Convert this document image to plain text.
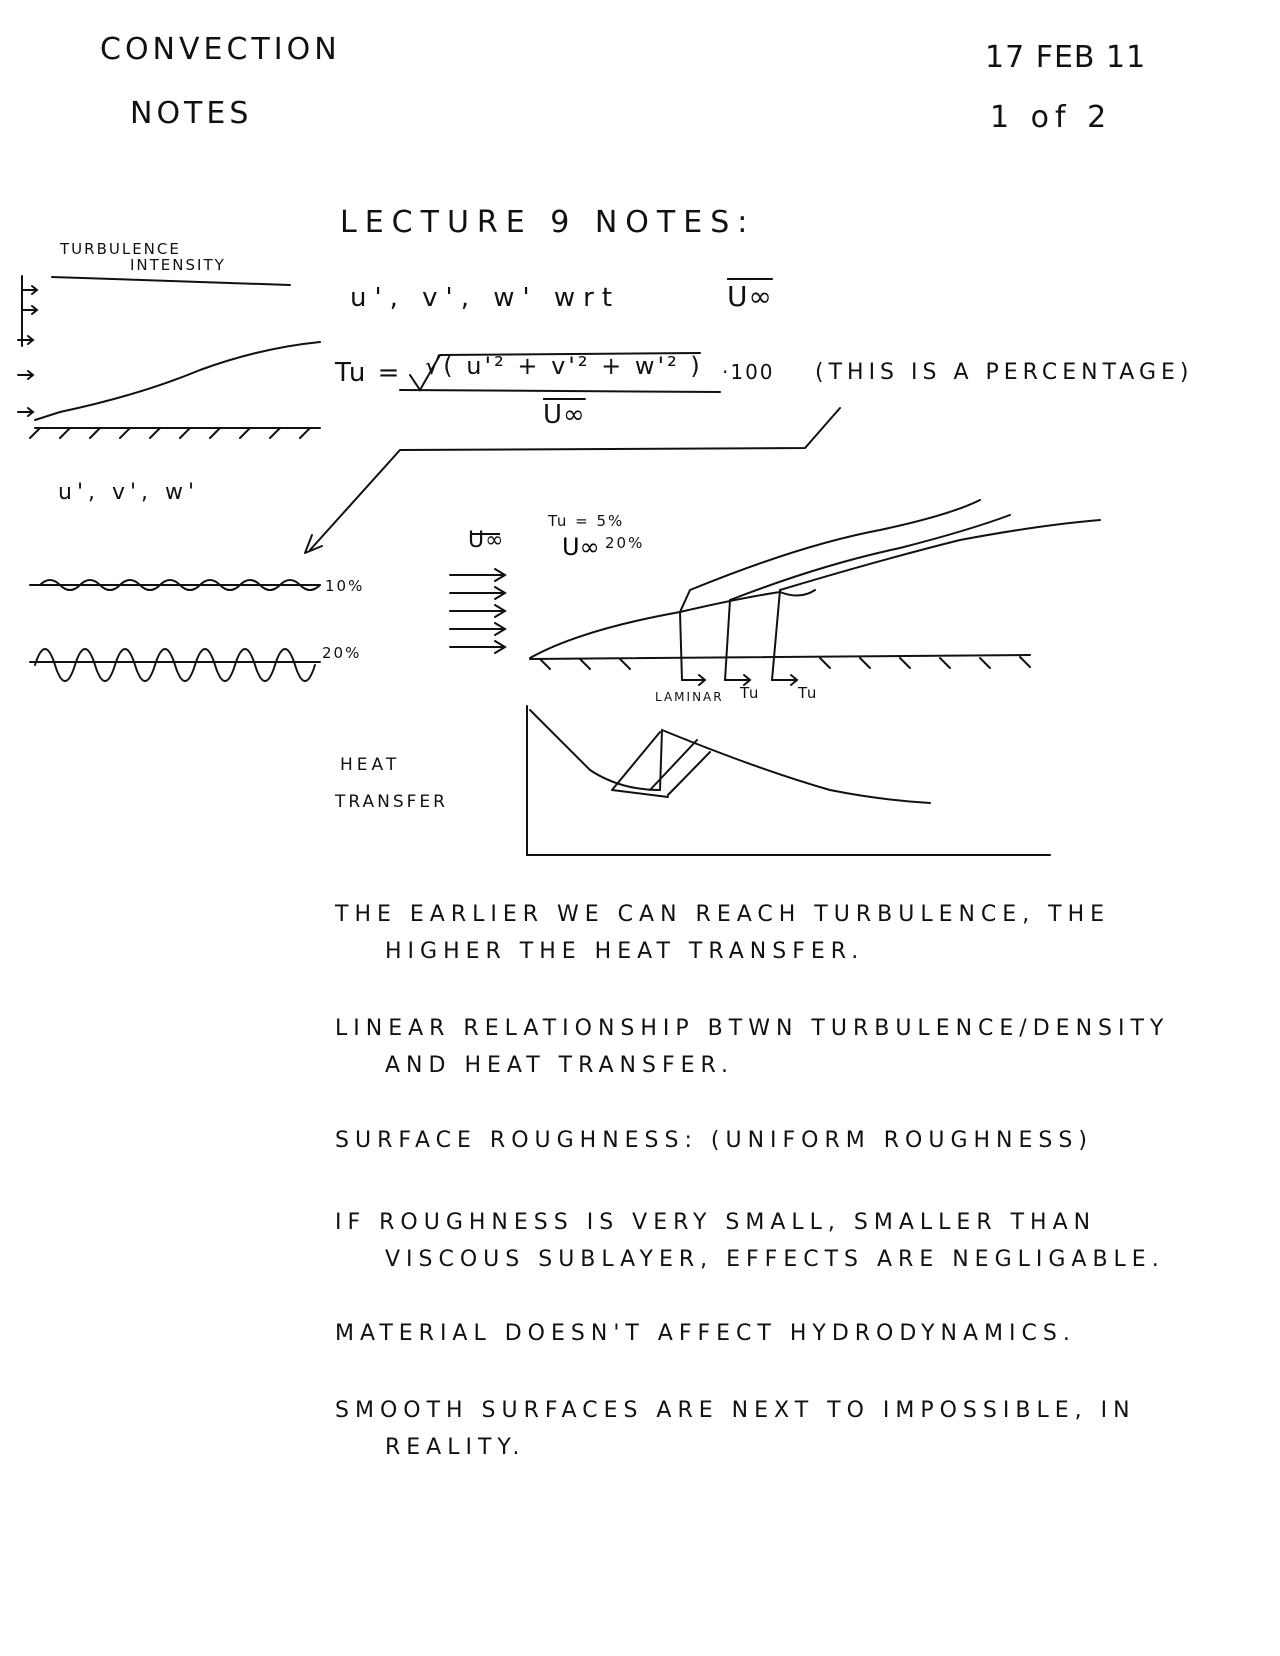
CONVECTION
NOTES
17 FEB 11
1 of 2
LECTURE 9 NOTES:
u', v', w' wrt	U∞
Tu = √( u'² + v'² + w'² )
U∞
·100 (THIS IS A PERCENTAGE)
U∞
TURBULENCE
INTENSITY
u', v', w'
10%
20%
U∞
Tu = 5%
20%
LAMINAR Tu	Tu
HEAT
TRANSFER
THE EARLIER WE CAN REACH TURBULENCE, THE
HIGHER THE HEAT TRANSFER.
LINEAR RELATIONSHIP BTWN TURBULENCE/DENSITY
AND HEAT TRANSFER.
SURFACE ROUGHNESS: (UNIFORM ROUGHNESS)
IF ROUGHNESS IS VERY SMALL, SMALLER THAN
VISCOUS SUBLAYER, EFFECTS ARE NEGLIGABLE.
MATERIAL DOESN'T AFFECT HYDRODYNAMICS.
SMOOTH SURFACES ARE NEXT TO IMPOSSIBLE, IN
REALITY.
